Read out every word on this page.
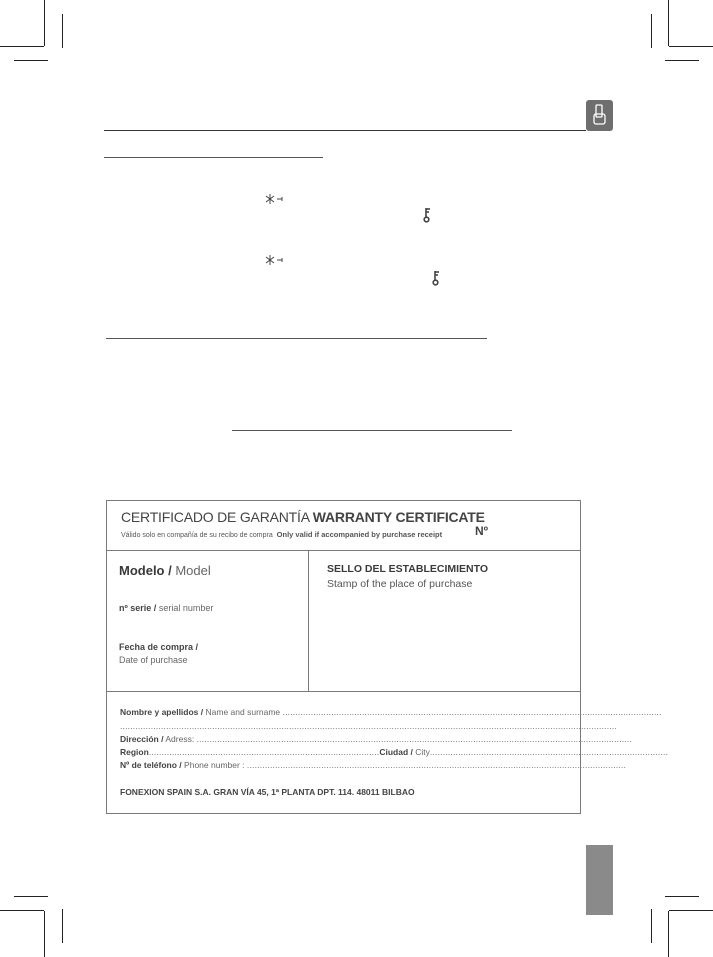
CERTIFICADO DE GARANTÍA WARRANTY CERTIFICATE
Válido solo en compañía de su recibo de compra Only valid if accompanied by purchase receipt	Nº
Modelo / Model
nº serie / serial number
Fecha de compra /
Date of purchase
SELLO DEL ESTABLECIMIENTO
Stamp of the place of purchase
Nombre y apellidos / Name and surname ....................................................................................................................................................
..................................................................................................................................................................................................
Dirección / Adress: ..........................................................................................................................................................................
Region..........................................................................................Ciudad / City.............................................................................................
Nº de teléfono / Phone number : ....................................................................................................................................................
FONEXION SPAIN S.A. GRAN VÍA 45, 1ª PLANTA DPT. 114. 48011 BILBAO
